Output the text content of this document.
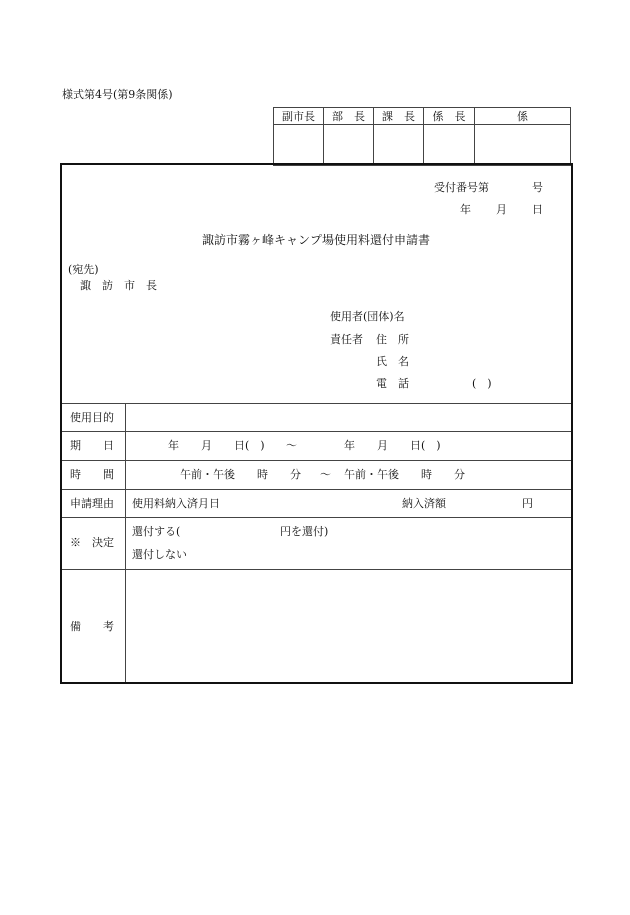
様式第4号(第9条関係)
副市長	部　長	課　長	係　長	係

受付番号第	号
年 月 日
諏訪市霧ヶ峰キャンプ場使用料還付申請書
(宛先)
諏　訪　市　長
使用者(団体)名
責任者 住　所
氏　名
電　話	(　)
使用目的
期　　日	年　　月　　日(　) ～	年　　月　　日(　)
時　　間	午前・午後　　時　　分 ～ 午前・午後　　時　　分
申請理由 使用料納入済月日	納入済額	円
※　決定
還付する(	円を還付)
還付しない
備　　考
